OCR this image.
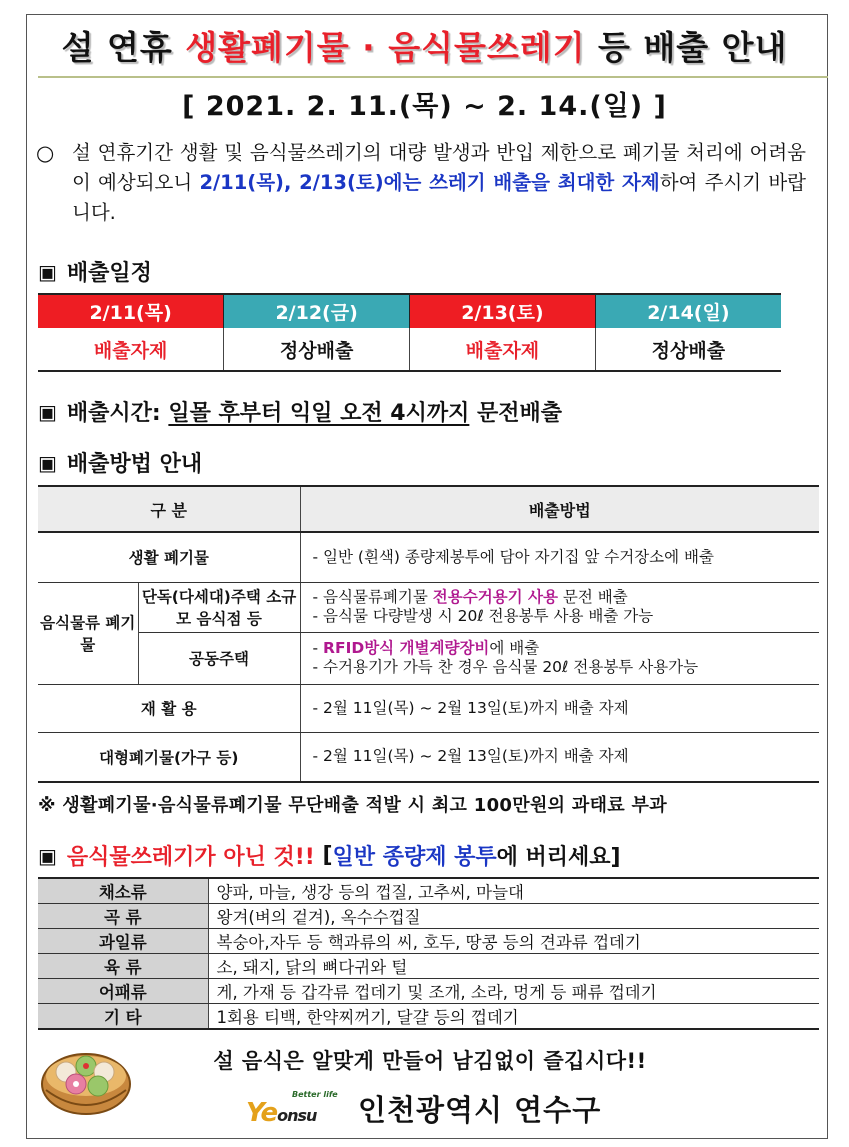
설 연휴 생활폐기물 · 음식물쓰레기 등 배출 안내
[ 2021. 2. 11.(목) ~ 2. 14.(일) ]
○ 설 연휴기간 생활 및 음식물쓰레기의 대량 발생과 반입 제한으로 폐기물 처리에 어려움이 예상되오니 2/11(목), 2/13(토)에는 쓰레기 배출을 최대한 자제하여 주시기 바랍니다.
▣ 배출일정
2/11(목)	2/12(금)	2/13(토)	2/14(일)
배출자제	정상배출	배출자제	정상배출
▣ 배출시간: 일몰 후부터 익일 오전 4시까지 문전배출
▣ 배출방법 안내
구 분		배출방법
생활 폐기물		- 일반 (흰색) 종량제봉투에 담아 자기집 앞 수거장소에 배출
음식물류 폐기물	단독(다세대)주택 소규모 음식점 등	- 음식물류폐기물 전용수거용기 사용 문전 배출
- 음식물 다량발생 시 20ℓ 전용봉투 사용 배출 가능

	공동주택	- RFID방식 개별계량장비에 배출
- 수거용기가 가득 찬 경우 음식물 20ℓ 전용봉투 사용가능

재 활 용		- 2월 11일(목) ~ 2월 13일(토)까지 배출 자제
대형폐기물(가구 등)		- 2월 11일(목) ~ 2월 13일(토)까지 배출 자제
※ 생활폐기물·음식물류폐기물 무단배출 적발 시 최고 100만원의 과태료 부과
▣ 음식물쓰레기가 아닌 것!! [ 일반 종량제 봉투 에 버리세요]
채소류	양파, 마늘, 생강 등의 껍질, 고추씨, 마늘대
곡 류	왕겨(벼의 겉겨), 옥수수껍질
과일류	복숭아,자두 등 핵과류의 씨, 호두, 땅콩 등의 견과류 껍데기
육 류	소, 돼지, 닭의 뼈다귀와 털
어패류	게, 가재 등 갑각류 껍데기 및 조개, 소라, 멍게 등 패류 껍데기
기 타	1회용 티백, 한약찌꺼기, 달걀 등의 껍데기
설 음식은 알맞게 만들어 남김없이 즐깁시다!!
Better life
Yeonsu 인천광역시 연수구
